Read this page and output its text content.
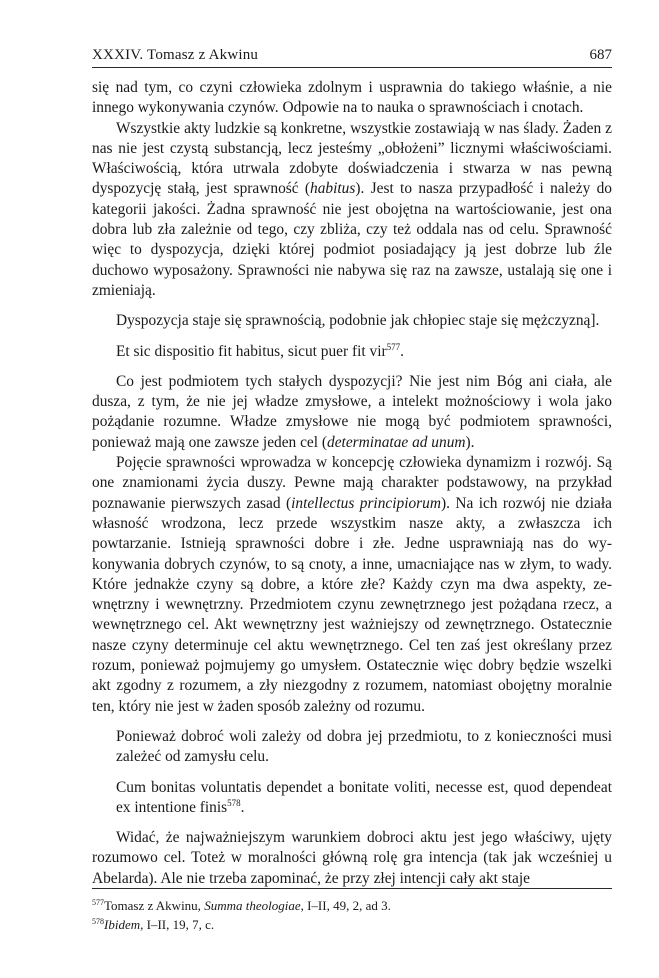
XXXIV. Tomasz z Akwinu	687

się nad tym, co czyni człowieka zdolnym i usprawnia do takiego właśnie, a nie innego wykonywania czynów. Odpowie na to nauka o sprawnościach i cnotach.

Wszystkie akty ludzkie są konkretne, wszystkie zostawiają w nas ślady. Żaden z nas nie jest czystą substancją, lecz jesteśmy „obłożeni” licznymi właściwościami. Właściwością, która utrwala zdobyte doświadczenia i stwarza w nas pewną dyspozycję stałą, jest sprawność (habitus). Jest to nasza przypadłość i należy do kategorii jakości. Żadna sprawność nie jest obojętna na wartościowanie, jest ona dobra lub zła zależnie od tego, czy zbliża, czy też oddala nas od celu. Sprawność więc to dyspozycja, dzięki której podmiot posiadający ją jest dobrze lub źle duchowo wyposażony. Sprawności nie nabywa się raz na zawsze, ustalają się one i zmieniają.

Dyspozycja staje się sprawnością, podobnie jak chłopiec staje się mężczyzną].

Et sic dispositio fit habitus, sicut puer fit vir$^{577}$.

Co jest podmiotem tych stałych dyspozycji? Nie jest nim Bóg ani ciała, ale dusza, z tym, że nie jej władze zmysłowe, a intelekt możnościowy i wola jako pożądanie rozumne. Władze zmysłowe nie mogą być podmiotem sprawności, ponieważ mają one zawsze jeden cel (determinatae ad unum).

Pojęcie sprawności wprowadza w koncepcję człowieka dynamizm i rozwój. Są one znamionami życia duszy. Pewne mają charakter podstawowy, na przykład poznawanie pierwszych zasad (intellectus principiorum). Na ich rozwój nie działa własność wrodzona, lecz przede wszystkim nasze akty, a zwłaszcza ich powtarzanie. Istnieją sprawności dobre i złe. Jedne usprawniają nas do wykonywania dobrych czynów, to są cnoty, a inne, umacniające nas w złym, to wady. Które jednakże czyny są dobre, a które złe? Każdy czyn ma dwa aspekty, zewnętrzny i wewnętrzny. Przedmiotem czynu zewnętrznego jest pożądana rzecz, a wewnętrznego cel. Akt wewnętrzny jest ważniejszy od zewnętrznego. Ostatecznie nasze czyny determinuje cel aktu wewnętrznego. Cel ten zaś jest określany przez rozum, ponieważ pojmujemy go umysłem. Ostatecznie więc dobry będzie wszelki akt zgodny z rozumem, a zły niezgodny z rozumem, natomiast obojętny moralnie ten, który nie jest w żaden sposób zależny od rozumu.

Ponieważ dobroć woli zależy od dobra jej przedmiotu, to z konieczności musi zależeć od zamysłu celu.

Cum bonitas voluntatis dependet a bonitate voliti, necesse est, quod dependeat ex intentione finis$^{578}$.

Widać, że najważniejszym warunkiem dobroci aktu jest jego właściwy, ujęty rozumowo cel. Toteż w moralności główną rolę gra intencja (tak jak wcześniej u Abelarda). Ale nie trzeba zapominać, że przy złej intencji cały akt staje

$^{577}$Tomasz z Akwinu, Summa theologiae, I–II, 49, 2, ad 3.

$^{578}$Ibidem, I–II, 19, 7, c.
